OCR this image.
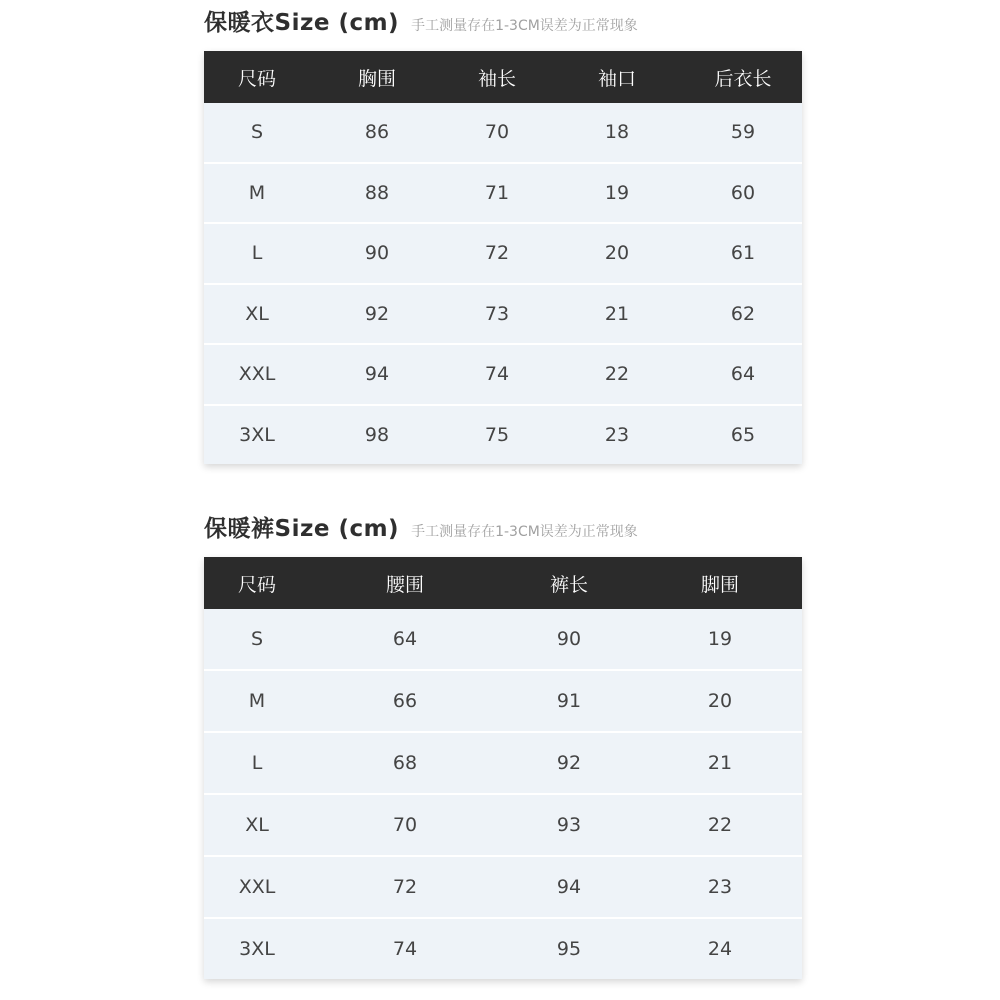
保暖衣Size (cm) 手工测量存在1-3CM误差为正常现象
尺码	胸围	袖长	袖口	后衣长
S	86	70	18	59
M	88	71	19	60
L	90	72	20	61
XL	92	73	21	62
XXL	94	74	22	64
3XL	98	75	23	65
保暖裤Size (cm) 手工测量存在1-3CM误差为正常现象
尺码	腰围	裤长	脚围
S	64	90	19
M	66	91	20
L	68	92	21
XL	70	93	22
XXL	72	94	23
3XL	74	95	24
